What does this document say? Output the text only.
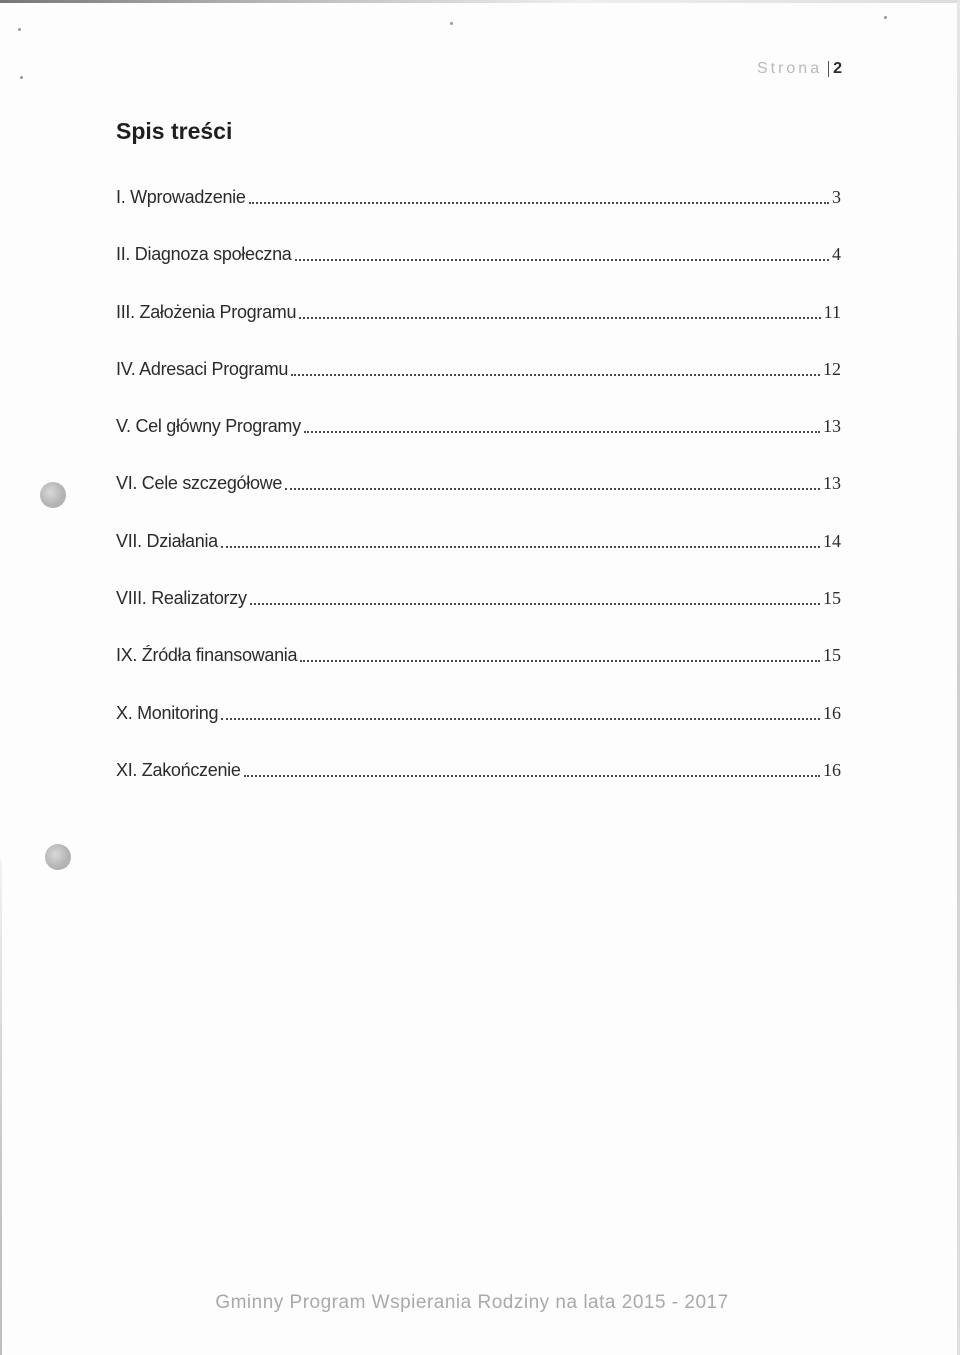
Strona 2
Spis treści
I. Wprowadzenie	3
II. Diagnoza społeczna	4
III. Założenia Programu	11
IV. Adresaci Programu	12
V. Cel główny Programy	13
VI. Cele szczegółowe	13
VII. Działania	14
VIII. Realizatorzy	15
IX. Źródła finansowania	15
X. Monitoring	16
XI. Zakończenie	16
Gminny Program Wspierania Rodziny na lata 2015 - 2017
